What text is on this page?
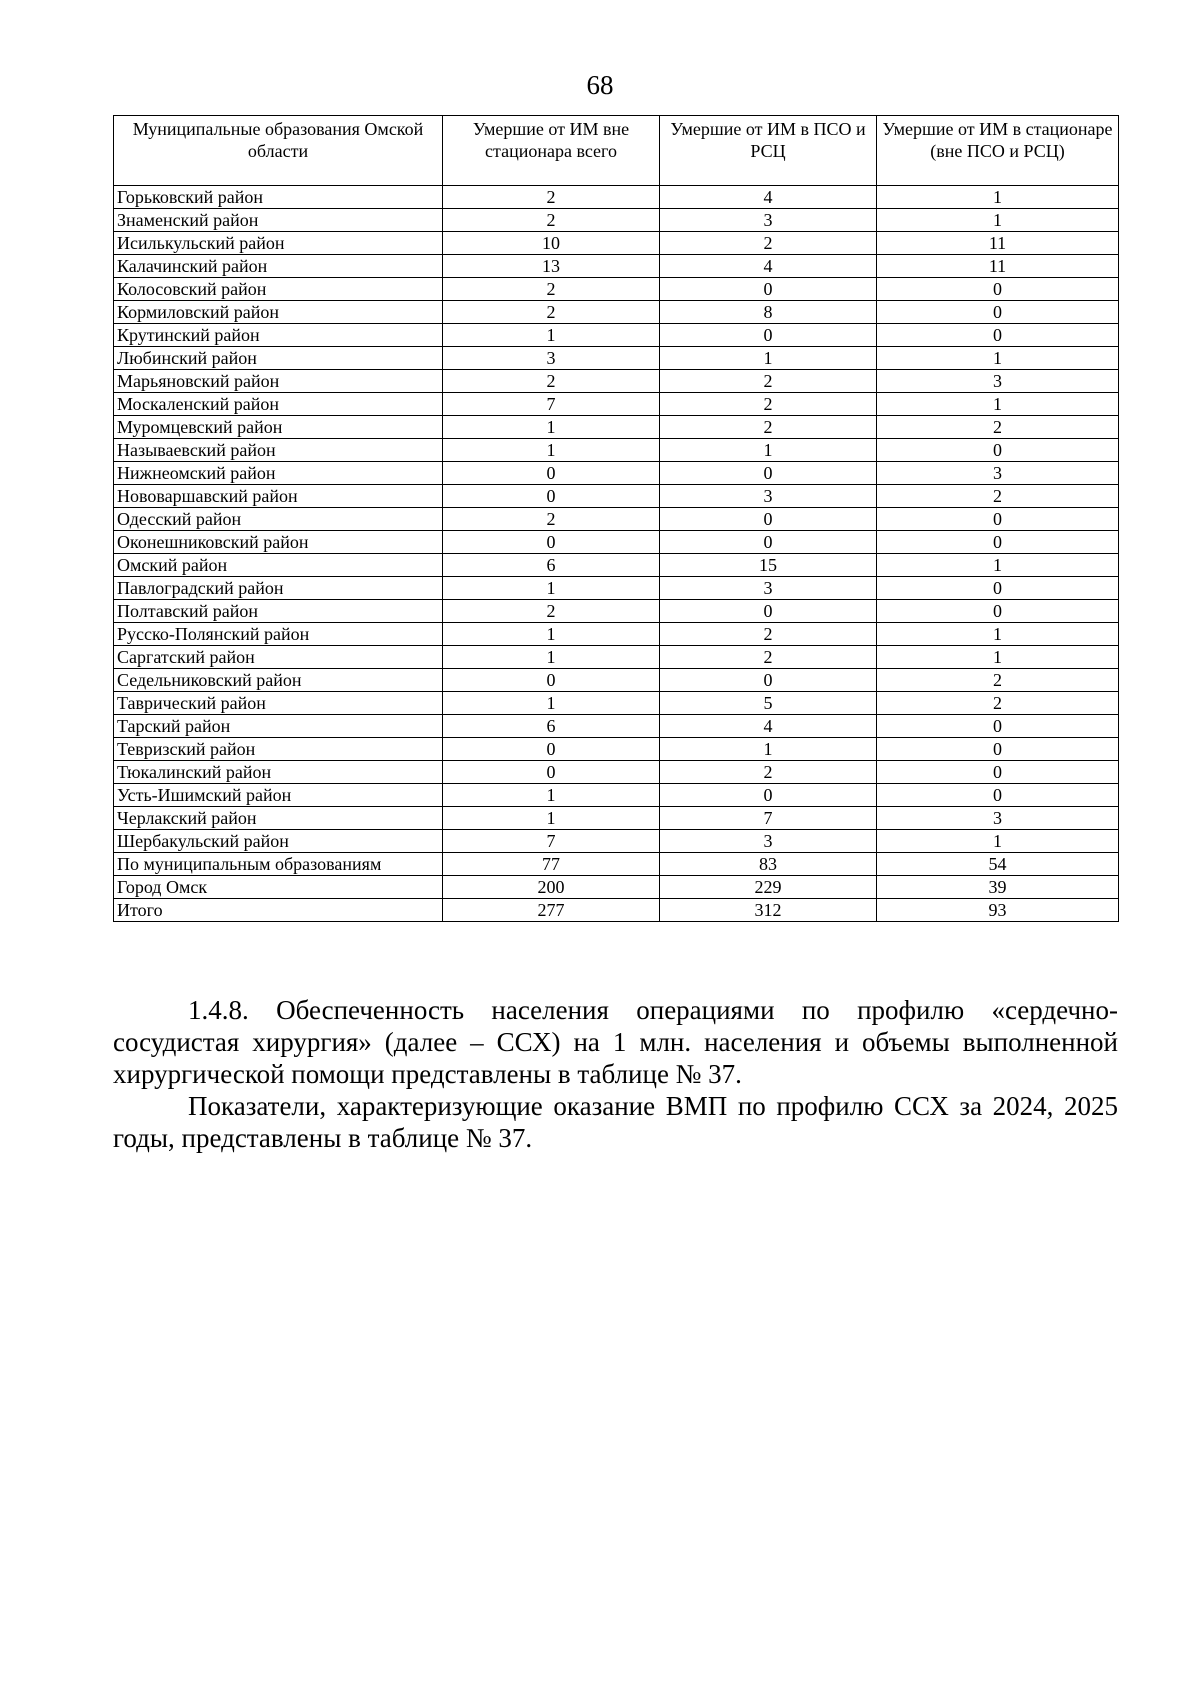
68
Муниципальные образования Омской области	Умершие от ИМ вне стационара всего	Умершие от ИМ в ПСО и РСЦ	Умершие от ИМ в стационаре (вне ПСО и РСЦ)
Горьковский район	2	4	1
Знаменский район	2	3	1
Исилькульский район	10	2	11
Калачинский район	13	4	11
Колосовский район	2	0	0
Кормиловский район	2	8	0
Крутинский район	1	0	0
Любинский район	3	1	1
Марьяновский район	2	2	3
Москаленский район	7	2	1
Муромцевский район	1	2	2
Называевский район	1	1	0
Нижнеомский район	0	0	3
Нововаршавский район	0	3	2
Одесский район	2	0	0
Оконешниковский район	0	0	0
Омский район	6	15	1
Павлоградский район	1	3	0
Полтавский район	2	0	0
Русско-Полянский район	1	2	1
Саргатский район	1	2	1
Седельниковский район	0	0	2
Таврический район	1	5	2
Тарский район	6	4	0
Тевризский район	0	1	0
Тюкалинский район	0	2	0
Усть-Ишимский район	1	0	0
Черлакский район	1	7	3
Шербакульский район	7	3	1
По муниципальным образованиям	77	83	54
Город Омск	200	229	39
Итого	277	312	93

1.4.8. Обеспеченность населения операциями по профилю «сердечно-сосудистая хирургия» (далее – ССХ) на 1 млн. населения и объемы выполненной хирургической помощи представлены в таблице № 37.

Показатели, характеризующие оказание ВМП по профилю ССХ за 2024, 2025 годы, представлены в таблице № 37.
